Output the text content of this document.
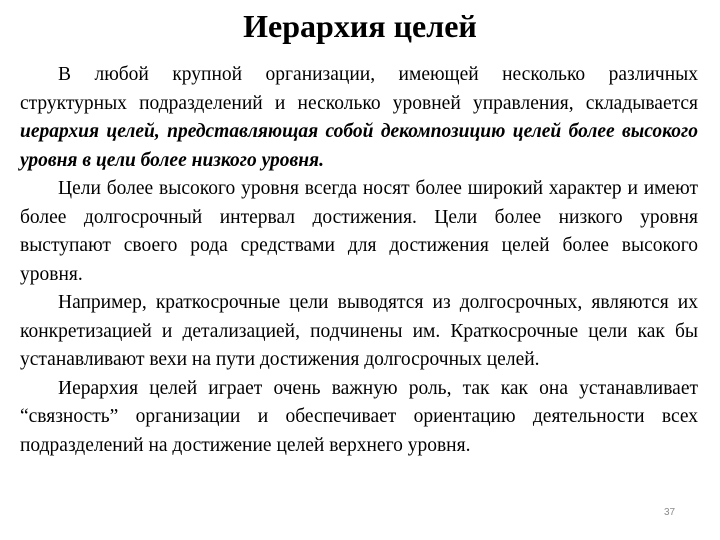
Иерархия целей

В любой крупной организации, имеющей несколько различных структурных подразделений и несколько уровней управления, складывается иерархия целей, представляющая собой декомпозицию целей более высокого уровня в цели более низкого уровня.

Цели более высокого уровня всегда носят более широкий характер и имеют более долгосрочный интервал достижения. Цели более низкого уровня выступают своего рода средствами для достижения целей более высокого уровня.

Например, краткосрочные цели выводятся из долгосрочных, являются их конкретизацией и детализацией, подчинены им. Краткосрочные цели как бы устанавливают вехи на пути достижения долгосрочных целей.

Иерархия целей играет очень важную роль, так как она устанавливает “связность” организации и обеспечивает ориентацию деятельности всех подразделений на достижение целей верхнего уровня.

37
